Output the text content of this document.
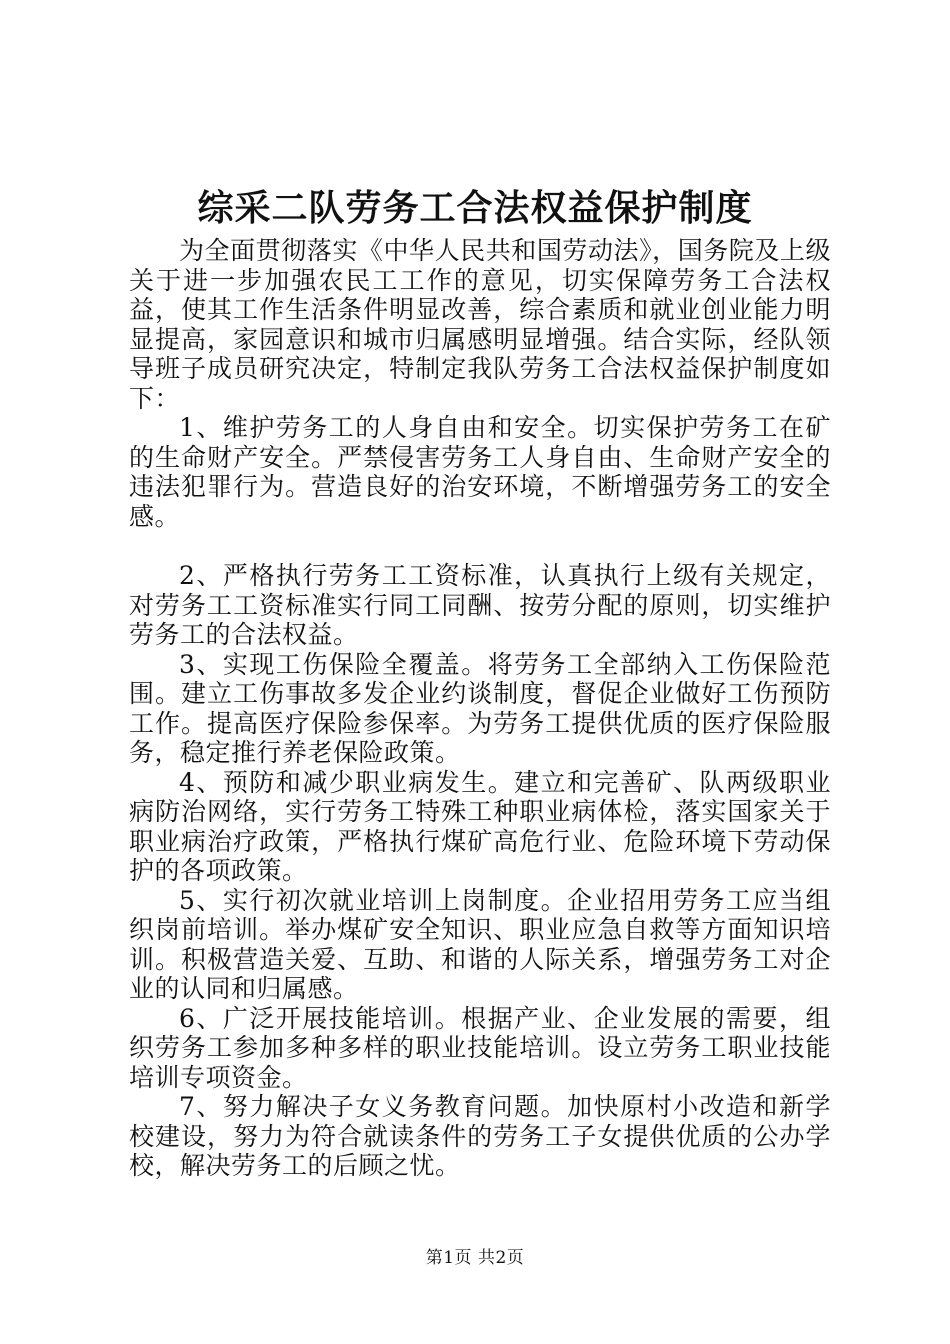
综采二队劳务工合法权益保护制度

为全面贯彻落实《中华人民共和国劳动法》，国务院及上级关于进一步加强农民工工作的意见，切实保障劳务工合法权益，使其工作生活条件明显改善，综合素质和就业创业能力明显提高，家园意识和城市归属感明显增强。结合实际，经队领导班子成员研究决定，特制定我队劳务工合法权益保护制度如下：

1、维护劳务工的人身自由和安全。切实保护劳务工在矿的生命财产安全。严禁侵害劳务工人身自由、生命财产安全的违法犯罪行为。营造良好的治安环境，不断增强劳务工的安全感。

2、严格执行劳务工工资标准，认真执行上级有关规定，对劳务工工资标准实行同工同酬、按劳分配的原则，切实维护劳务工的合法权益。

3、实现工伤保险全覆盖。将劳务工全部纳入工伤保险范围。建立工伤事故多发企业约谈制度，督促企业做好工伤预防工作。提高医疗保险参保率。为劳务工提供优质的医疗保险服务，稳定推行养老保险政策。

4、预防和减少职业病发生。建立和完善矿、队两级职业病防治网络，实行劳务工特殊工种职业病体检，落实国家关于职业病治疗政策，严格执行煤矿高危行业、危险环境下劳动保护的各项政策。

5、实行初次就业培训上岗制度。企业招用劳务工应当组织岗前培训。举办煤矿安全知识、职业应急自救等方面知识培训。积极营造关爱、互助、和谐的人际关系，增强劳务工对企业的认同和归属感。

6、广泛开展技能培训。根据产业、企业发展的需要，组织劳务工参加多种多样的职业技能培训。设立劳务工职业技能培训专项资金。

7、努力解决子女义务教育问题。加快原村小改造和新学校建设，努力为符合就读条件的劳务工子女提供优质的公办学校，解决劳务工的后顾之忧。

第1页 共2页
